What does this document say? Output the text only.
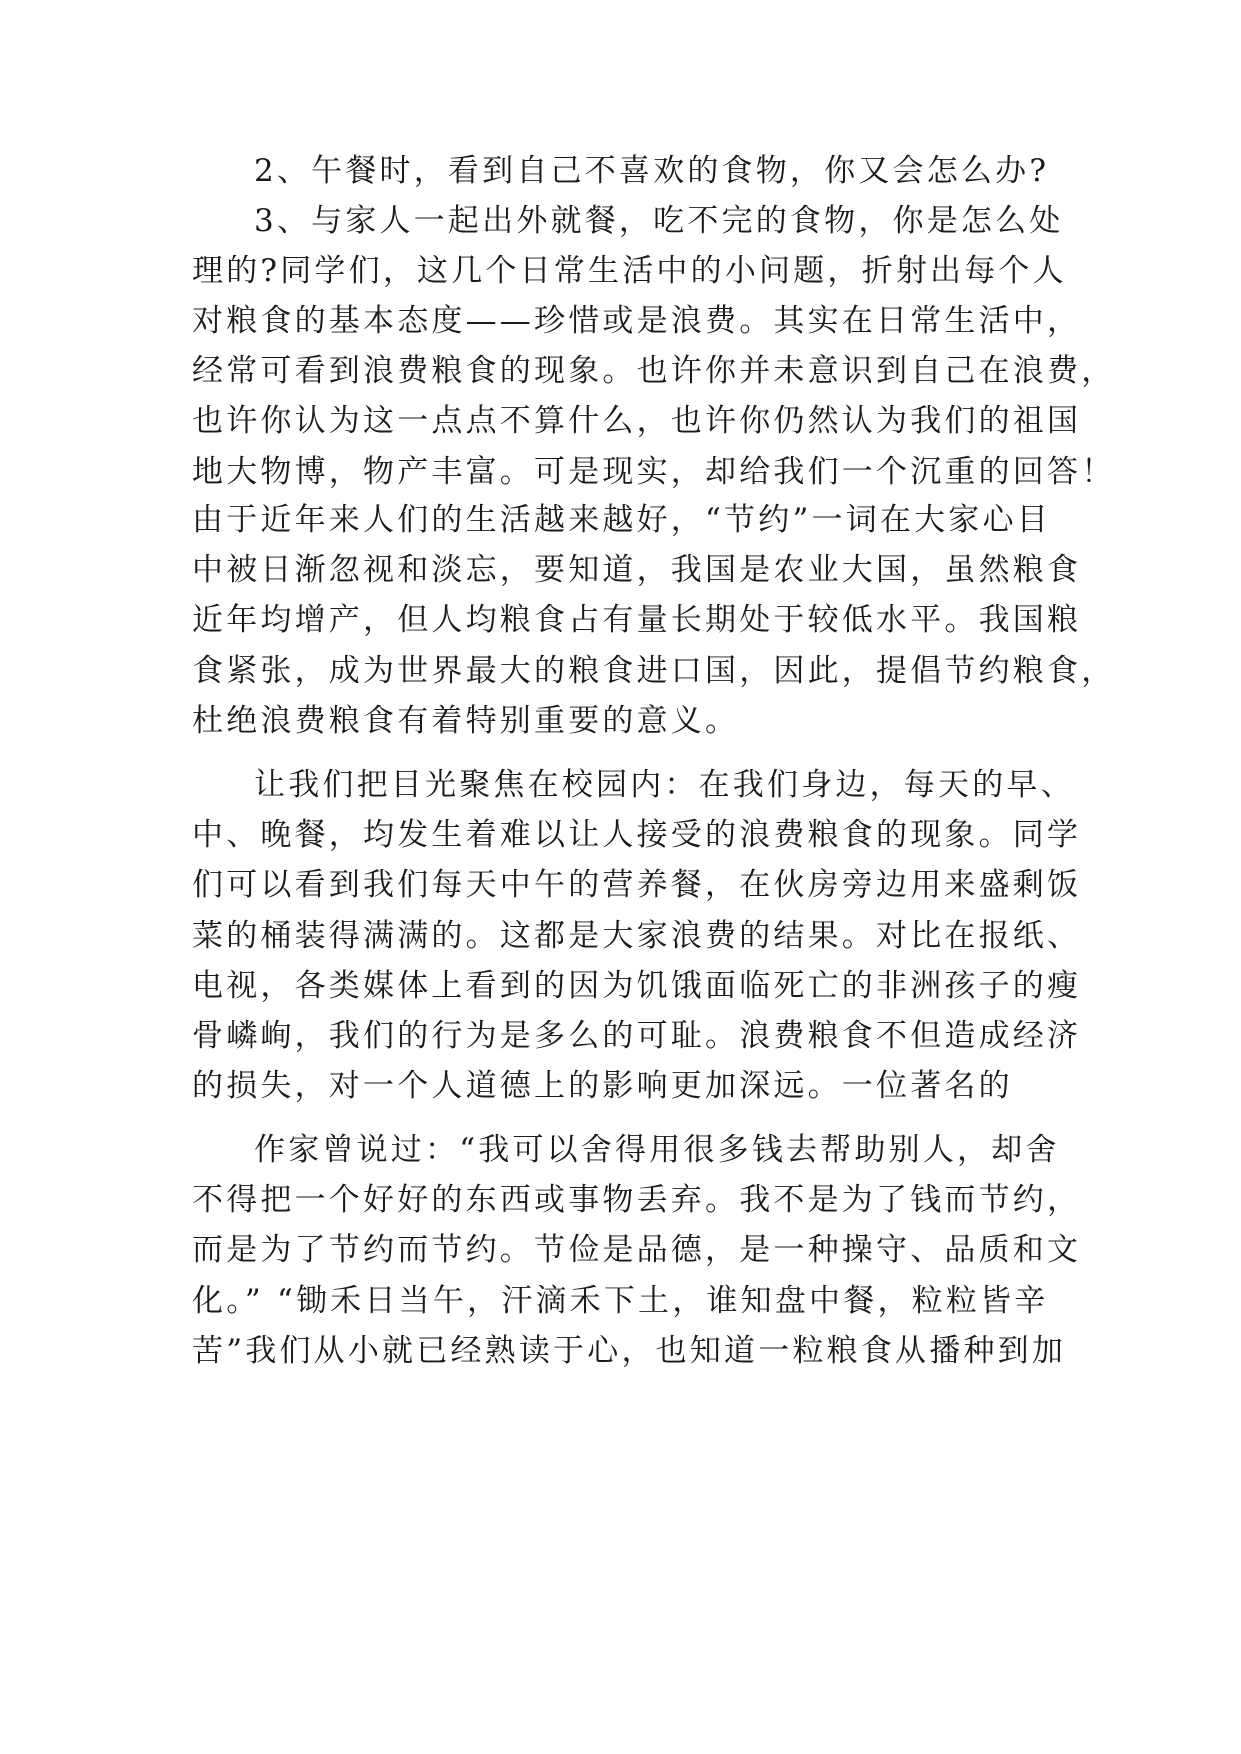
2、午餐时，看到自己不喜欢的食物，你又会怎么办?
3、与家人一起出外就餐，吃不完的食物，你是怎么处
理的?同学们，这几个日常生活中的小问题，折射出每个人
对粮食的基本态度——珍惜或是浪费。其实在日常生活中，
经常可看到浪费粮食的现象。也许你并未意识到自己在浪费，
也许你认为这一点点不算什么，也许你仍然认为我们的祖国
地大物博，物产丰富。可是现实，却给我们一个沉重的回答！
由于近年来人们的生活越来越好，“节约”一词在大家心目
中被日渐忽视和淡忘，要知道，我国是农业大国，虽然粮食
近年均增产，但人均粮食占有量长期处于较低水平。我国粮
食紧张，成为世界最大的粮食进口国，因此，提倡节约粮食，
杜绝浪费粮食有着特别重要的意义。
让我们把目光聚焦在校园内：在我们身边，每天的早、
中、晚餐，均发生着难以让人接受的浪费粮食的现象。同学
们可以看到我们每天中午的营养餐，在伙房旁边用来盛剩饭
菜的桶装得满满的。这都是大家浪费的结果。对比在报纸、
电视，各类媒体上看到的因为饥饿面临死亡的非洲孩子的瘦
骨嶙峋，我们的行为是多么的可耻。浪费粮食不但造成经济
的损失，对一个人道德上的影响更加深远。一位著名的
作家曾说过：“我可以舍得用很多钱去帮助别人，却舍
不得把一个好好的东西或事物丢弃。我不是为了钱而节约，
而是为了节约而节约。节俭是品德，是一种操守、品质和文
化。” “锄禾日当午，汗滴禾下土，谁知盘中餐，粒粒皆辛
苦”我们从小就已经熟读于心，也知道一粒粮食从播种到加
